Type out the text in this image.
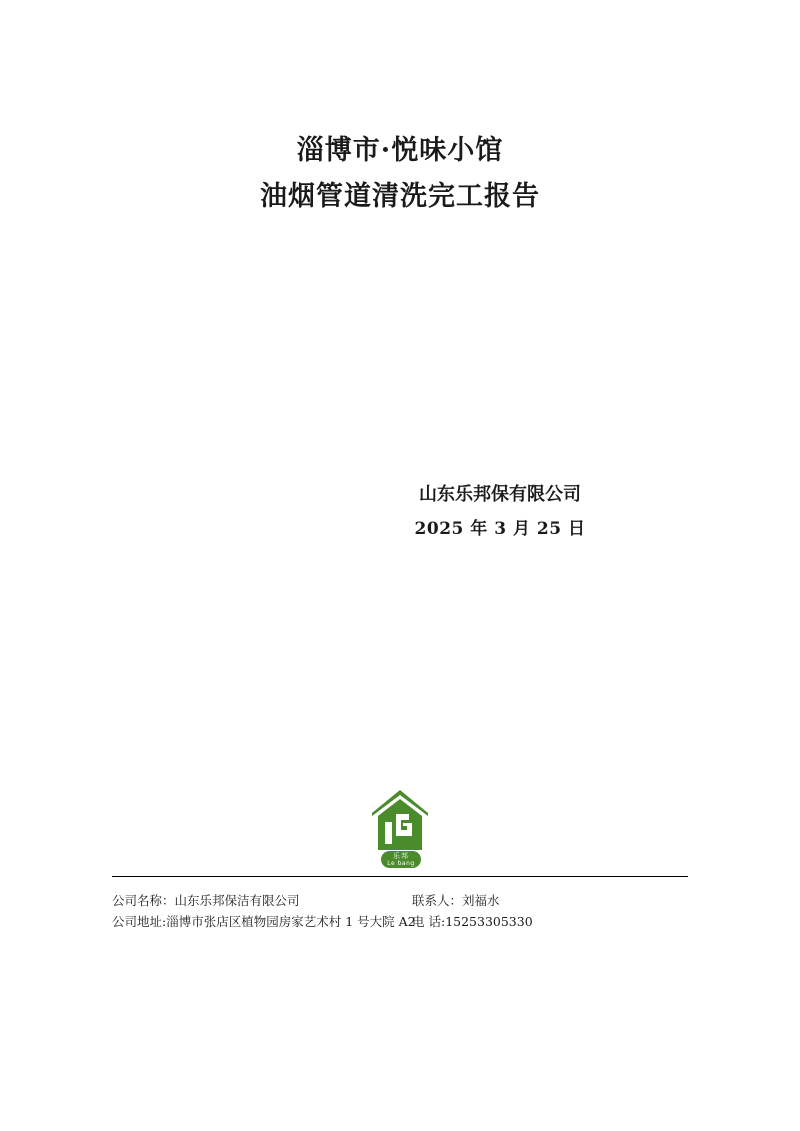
淄博市·悦味小馆
油烟管道清洗完工报告
山东乐邦保有限公司
2025 年 3 月 25 日
乐邦
Le bang
公司名称：山东乐邦保洁有限公司	联系人：刘福水
公司地址:淄博市张店区植物园房家艺术村 1 号大院 A2
电 话:15253305330
